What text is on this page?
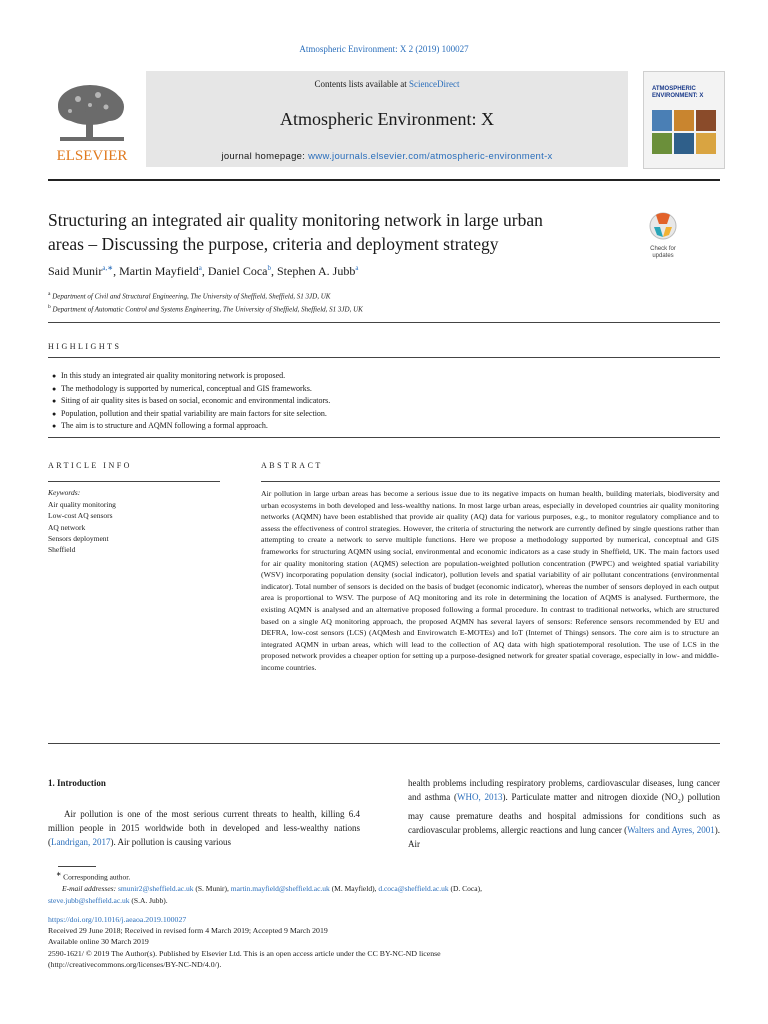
Atmospheric Environment: X 2 (2019) 100027
ELSEVIER
Contents lists available at ScienceDirect
Atmospheric Environment: X
journal homepage: www.journals.elsevier.com/atmospheric-environment-x
ATMOSPHERIC ENVIRONMENT: X
Structuring an integrated air quality monitoring network in large urban
areas – Discussing the purpose, criteria and deployment strategy	Check for
updates
Said Munir$^{a,∗}$, Martin Mayfield$^a$, Daniel Coca$^b$, Stephen A. Jubb$^a$
$^a$ Department of Civil and Structural Engineering, The University of Sheffield, Sheffield, S1 3JD, UK
$^b$ Department of Automatic Control and Systems Engineering, The University of Sheffield, Sheffield, S1 3JD, UK
HIGHLIGHTS
● In this study an integrated air quality monitoring network is proposed.
● The methodology is supported by numerical, conceptual and GIS frameworks.
● Siting of air quality sites is based on social, economic and environmental indicators.
● Population, pollution and their spatial variability are main factors for site selection.
● The aim is to structure and AQMN following a formal approach.
ARTICLE INFO	ABSTRACT
Keywords:
Air quality monitoring
Low-cost AQ sensors
AQ network
Sensors deployment
Sheffield
Air pollution in large urban areas has become a serious issue due to its negative impacts on human health, building materials, biodiversity and urban ecosystems in both developed and less-wealthy nations. In most large urban areas, especially in developed countries air quality monitoring networks (AQMN) have been established that provide air quality (AQ) data for various purposes, e.g., to monitor regulatory compliance and to assess the effectiveness of control strategies. However, the criteria of structuring the network are currently defined by single questions rather than attempting to create a network to serve multiple functions. Here we propose a methodology supported by numerical, conceptual and GIS frameworks for structuring AQMN using social, environmental and economic indicators as a case study in Sheffield, UK. The main factors used for air quality monitoring station (AQMS) selection are population-weighted pollution concentration (PWPC) and weighted spatial variability (WSV) incorporating population density (social indicator), pollution levels and spatial variability of air pollutant concentrations (environmental indicator). Total number of sensors is decided on the basis of budget (economic indicator), whereas the number of sensors deployed in each output area is proportional to WSV. The purpose of AQ monitoring and its role in determining the location of AQMS is analysed. Furthermore, the existing AQMN is analysed and an alternative proposed following a formal procedure. In contrast to traditional networks, which are structured based on a single AQ monitoring approach, the proposed AQMN has several layers of sensors: Reference sensors recommended by EU and DEFRA, low-cost sensors (LCS) (AQMesh and Envirowatch E-MOTEs) and IoT (Internet of Things) sensors. The core aim is to structure an integrated AQMN in urban areas, which will lead to the collection of AQ data with high spatiotemporal resolution. The use of LCS in the proposed network provides a cheaper option for setting up a purpose-designed network for greater spatial coverage, especially in low- and middle-income countries.
1. Introduction

Air pollution is one of the most serious current threats to health, killing 6.4 million people in 2015 worldwide both in developed and less-wealthy nations (Landrigan, 2017). Air pollution is causing various

health problems including respiratory problems, cardiovascular diseases, lung cancer and asthma (WHO, 2013). Particulate matter and nitrogen dioxide $(NO_2)$ pollution may cause premature deaths and hospital admissions for conditions such as cardiovascular problems, allergic reactions and lung cancer (Walters and Ayres, 2001). Air

∗ Corresponding author.
E-mail addresses: smunir2@sheffield.ac.uk (S. Munir), martin.mayfield@sheffield.ac.uk (M. Mayfield), d.coca@sheffield.ac.uk (D. Coca),
steve.jubb@sheffield.ac.uk (S.A. Jubb).
https://doi.org/10.1016/j.aeaoa.2019.100027
Received 29 June 2018; Received in revised form 4 March 2019; Accepted 9 March 2019
Available online 30 March 2019
2590-1621/ © 2019 The Author(s). Published by Elsevier Ltd. This is an open access article under the CC BY-NC-ND license
(http://creativecommons.org/licenses/BY-NC-ND/4.0/).
